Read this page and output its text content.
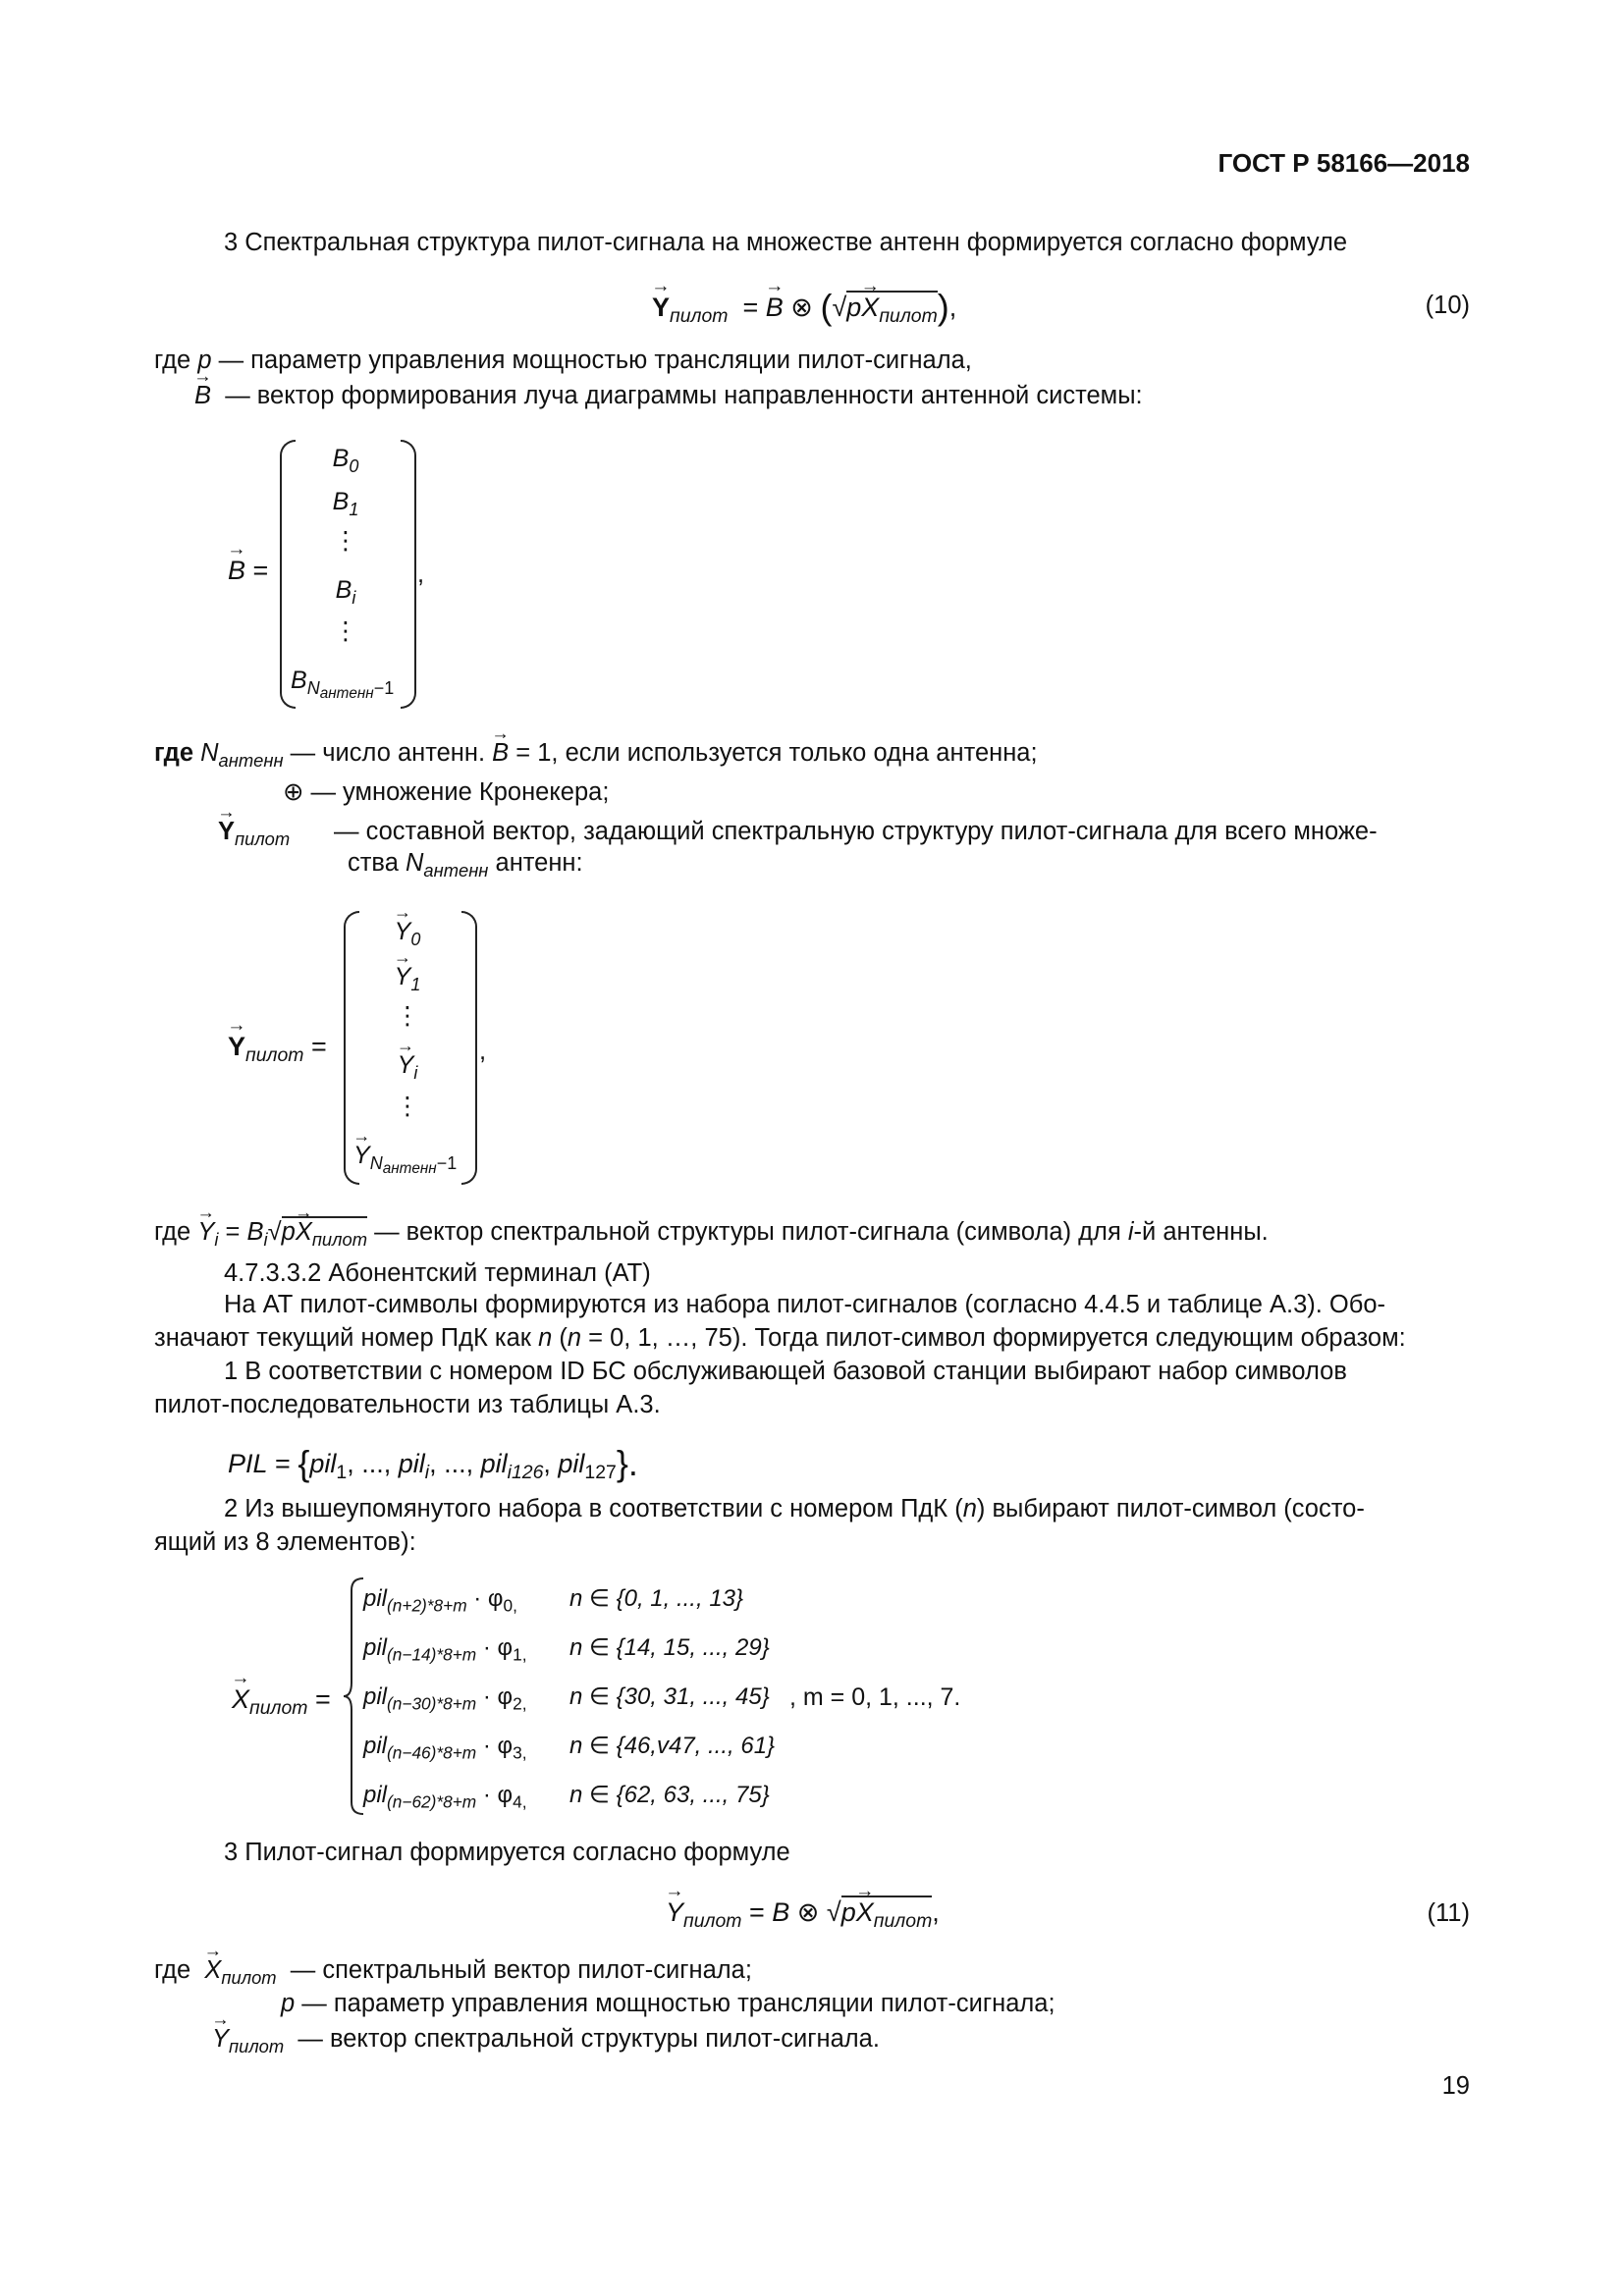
ГОСТ Р 58166—2018
3 Спектральная структура пилот-сигнала на множестве антенн формируется согласно формуле
→ $Y_{пилот}$  = → B ⊗ $(√p\to X_{пилот})$,	(10)
где p — параметр управления мощностью трансляции пилот-сигнала,
→ B — вектор формирования луча диаграммы направленности антенной системы:
→ B =
$B_0$
$B_1$
⋮
$B_i$
⋮
$B_{N_{антенн}-1}$
,
где $N_{антенн}$ — число антенн. → B = 1, если используется только одна антенна;
⊕ — умножение Кронекера;
→ $Y_{пилот}$ — составной вектор, задающий спектральную структуру пилот-сигнала для всего множе-
ства $N_{антенн}$ антенн:
→ $Y_{пилот}$ =
→ $Y_0$
→ $Y_1$
⋮
→ $Y_i$
⋮
→ $Y_{N_{антенн}-1}$
,
где → $Y_i = B_i√p\to X_{пилот}$ — вектор спектральной структуры пилот-сигнала (символа) для i-й антенны.
4.7.3.3.2 Абонентский терминал (АТ)
На АТ пилот-символы формируются из набора пилот-сигналов (согласно 4.4.5 и таблице А.3). Обо-
значают текущий номер ПдК как n (n = 0, 1, …, 75). Тогда пилот-символ формируется следующим образом:
1 В соответствии с номером ID БС обслуживающей базовой станции выбирают набор символов
пилот-последовательности из таблицы А.3.
PIL = {pil$_1$, ..., pil$_i$, ..., pil$_{i126}$, pil$_{127}$}.
2 Из вышеупомянутого набора в соответствии с номером ПдК (n) выбирают пилот-символ (состо-
ящий из 8 элементов):
→ $X_{пилот}$ =
$pil_{(n+2)*8+m} \cdot \varphi_{0,}$ n ∈ {0, 1, ..., 13}
$pil_{(n-14)*8+m} \cdot \varphi_{1,}$ n ∈ {14, 15, ..., 29}
$pil_{(n-30)*8+m} \cdot \varphi_{2,}$ n ∈ {30, 31, ..., 45} , m = 0, 1, ..., 7.
$pil_{(n-46)*8+m} \cdot \varphi_{3,}$ n ∈ {46,v47, ..., 61}
$pil_{(n-62)*8+m} \cdot \varphi_{4,}$ n ∈ {62, 63, ..., 75}
3 Пилот-сигнал формируется согласно формуле
→ $Y_{пилот} = B$ ⊗ $√p\to X_{пилот}$,	(11)
где → $X_{пилот}$ — спектральный вектор пилот-сигнала;
p — параметр управления мощностью трансляции пилот-сигнала;
→ $Y_{пилот}$ — вектор спектральной структуры пилот-сигнала.
19
